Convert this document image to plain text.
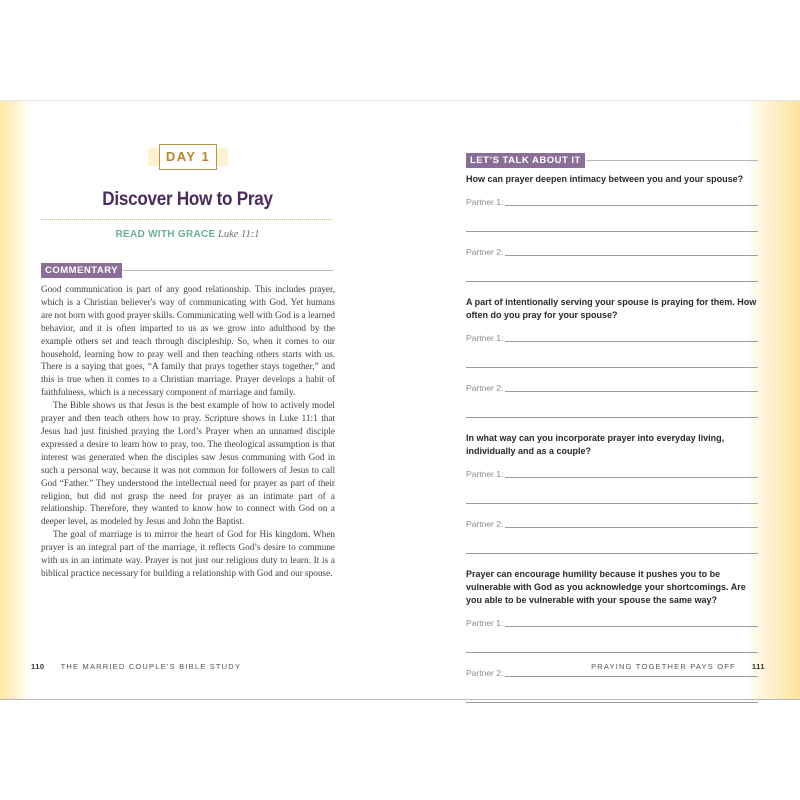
DAY 1
Discover How to Pray
READ WITH GRACE Luke 11:1
COMMENTARY

Good communication is part of any good relationship. This includes prayer, which is a Christian believer's way of communicating with God. Yet humans are not born with good prayer skills. Communicating well with God is a learned behavior, and it is often imparted to us as we grow into adulthood by the example others set and teach through discipleship. So, when it comes to our household, learning how to pray well and then teaching others starts with us. There is a saying that goes, “A family that prays together stays together,” and this is true when it comes to a Christian marriage. Prayer develops a habit of faithfulness, which is a necessary component of marriage and family.

The Bible shows us that Jesus is the best example of how to actively model prayer and then teach others how to pray. Scripture shows in Luke 11:1 that Jesus had just finished praying the Lord’s Prayer when an unnamed disciple expressed a desire to learn how to pray, too. The theological assumption is that interest was generated when the disciples saw Jesus communing with God in such a personal way, because it was not common for followers of Jesus to call God “Father.” They understood the intellectual need for prayer as part of their religion, but did not grasp the need for prayer as an intimate part of a relationship. Therefore, they wanted to know how to connect with God on a deeper level, as modeled by Jesus and John the Baptist.

The goal of marriage is to mirror the heart of God for His kingdom. When prayer is an integral part of the marriage, it reflects God’s desire to commune with us in an intimate way. Prayer is not just our religious duty to learn. It is a biblical practice necessary for building a relationship with God and our spouse.

110 THE MARRIED COUPLE’S BIBLE STUDY
LET’S TALK ABOUT IT
How can prayer deepen intimacy between you and your spouse?
Partner 1:
Partner 2:
A part of intentionally serving your spouse is praying for them. How often do you pray for your spouse?
Partner 1:
Partner 2:
In what way can you incorporate prayer into everyday living, individually and as a couple?
Partner 1:
Partner 2:
Prayer can encourage humility because it pushes you to be vulnerable with God as you acknowledge your shortcomings. Are you able to be vulnerable with your spouse the same way?
Partner 1:
Partner 2:
PRAYING TOGETHER PAYS OFF 111
